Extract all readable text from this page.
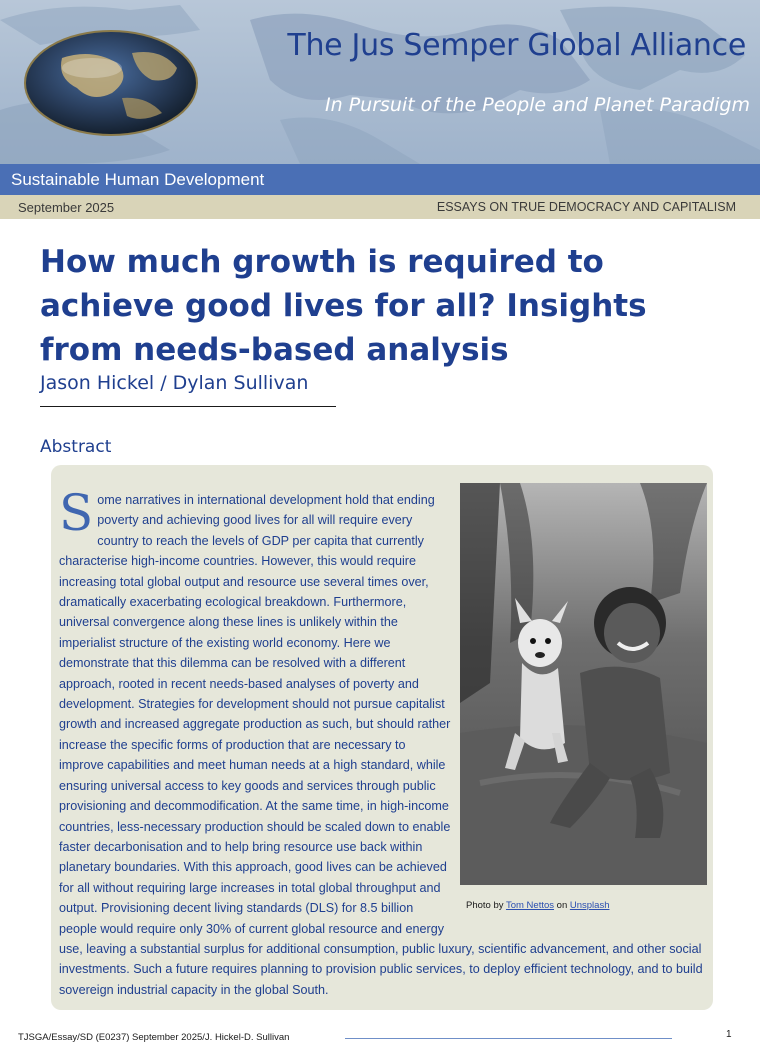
The Jus Semper Global Alliance
In Pursuit of the People and Planet Paradigm
Sustainable Human Development
September 2025	ESSAYS ON TRUE DEMOCRACY AND CAPITALISM
How much growth is required to achieve good lives for all? Insights from needs-based analysis
Jason Hickel / Dylan Sullivan
Abstract
Some narratives in international development hold that ending poverty and achieving good lives for all will require every country to reach the levels of GDP per capita that currently characterise high-income countries. However, this would require increasing total global output and resource use several times over, dramatically exacerbating ecological breakdown. Furthermore, universal convergence along these lines is unlikely within the imperialist structure of the existing world economy. Here we demonstrate that this dilemma can be resolved with a different approach, rooted in recent needs-based analyses of poverty and development. Strategies for development should not pursue capitalist growth and increased aggregate production as such, but should rather increase the specific forms of production that are necessary to improve capabilities and meet human needs at a high standard, while ensuring universal access to key goods and services through public provisioning and decommodification. At the same time, in high-income countries, less-necessary production should be scaled down to enable faster decarbonisation and to help bring resource use back within planetary boundaries. With this approach, good lives can be achieved for all without requiring large increases in total global throughput and output. Provisioning decent living standards (DLS) for 8.5 billion people would require only 30% of current global resource and energy use, leaving a substantial surplus for additional consumption, public luxury, scientific advancement, and other social investments. Such a future requires planning to provision public services, to deploy efficient technology, and to build sovereign industrial capacity in the global South.
Photo by Tom Nettos on Unsplash
TJSGA/Essay/SD (E0237) September 2025/J. Hickel-D. Sullivan	1
